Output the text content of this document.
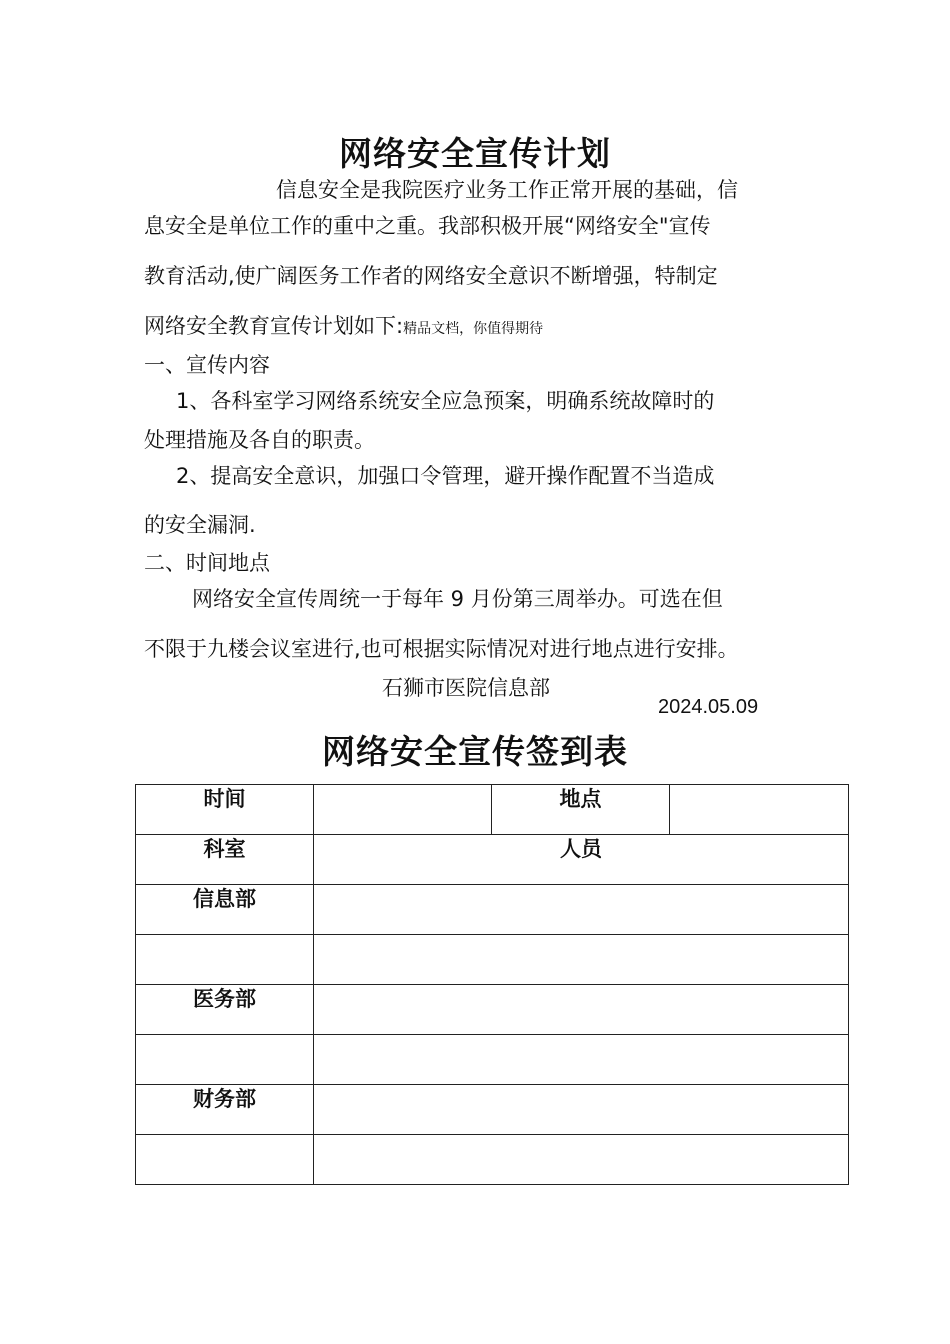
网络安全宣传计划
信息安全是我院医疗业务工作正常开展的基础，信
息安全是单位工作的重中之重。我部积极开展“网络安全"宣传
教育活动,使广阔医务工作者的网络安全意识不断增强，特制定
网络安全教育宣传计划如下:精品文档，你值得期待
一、宣传内容
1、各科室学习网络系统安全应急预案，明确系统故障时的
处理措施及各自的职责。
2、提高安全意识，加强口令管理，避开操作配置不当造成
的安全漏洞.
二、时间地点
网络安全宣传周统一于每年 9 月份第三周举办。可选在但
不限于九楼会议室进行,也可根据实际情况对进行地点进行安排。
石狮市医院信息部
2024.05.09
网络安全宣传签到表
时间		地点	
科室	人员		
信息部			

医务部			

财务部			
